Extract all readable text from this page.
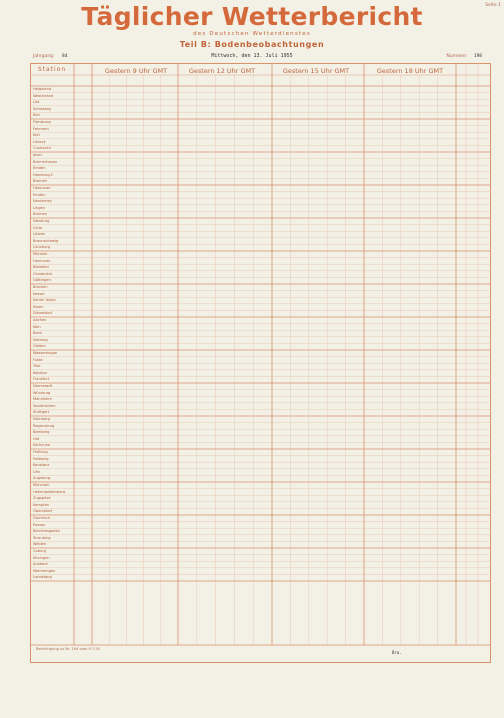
Seite 1
Täglicher Wetterbericht
des Deutschen Wetterdienstes
Teil B: Bodenbeobachtungen
Jahrgang: 84	Mittwoch, den 13. Juli 1955	Nummer: 198
Station	Gestern 9 Uhr GMT	Gestern 12 Uhr GMT	Gestern 15 Uhr GMT	Gestern 18 Uhr GMT
Helgoland
Westerland
List
Schleswig
Kiel
Flensburg
Fehmarn
Kiel
Lübeck
Cuxhaven
Jever
Bremerhaven
Emden
Hamburg-F.
Bremen
Hannover
Emden
Norderney
Lingen
Bremen
Nienburg
Celle
Uelzen
Braunschweig
Lüneburg
Münster
Hannover
Bielefeld
Osnabrück
Göttingen
Brocken
Kassel
Kahler Asten
Essen
Düsseldorf
Aachen
Köln
Bonn
Nürburg
Gießen
Wasserkuppe
Fulda
Trier
Koblenz
Frankfurt
Darmstadt
Würzburg
Mannheim
Saarbrücken
Stuttgart
Nürnberg
Regensburg
Bamberg
Hof
Karlsruhe
Freiburg
Feldberg
Konstanz
Ulm
Augsburg
München
Hohenpeißenberg
Zugspitze
Kempten
Oberstdorf
Garmisch
Passau
Berchtesgaden
Straubing
Weiden
Coburg
Kitzingen
Ansbach
Memmingen
Landsberg
Berichtigung zu Nr. 194 vom 9.7.55
Bra.
